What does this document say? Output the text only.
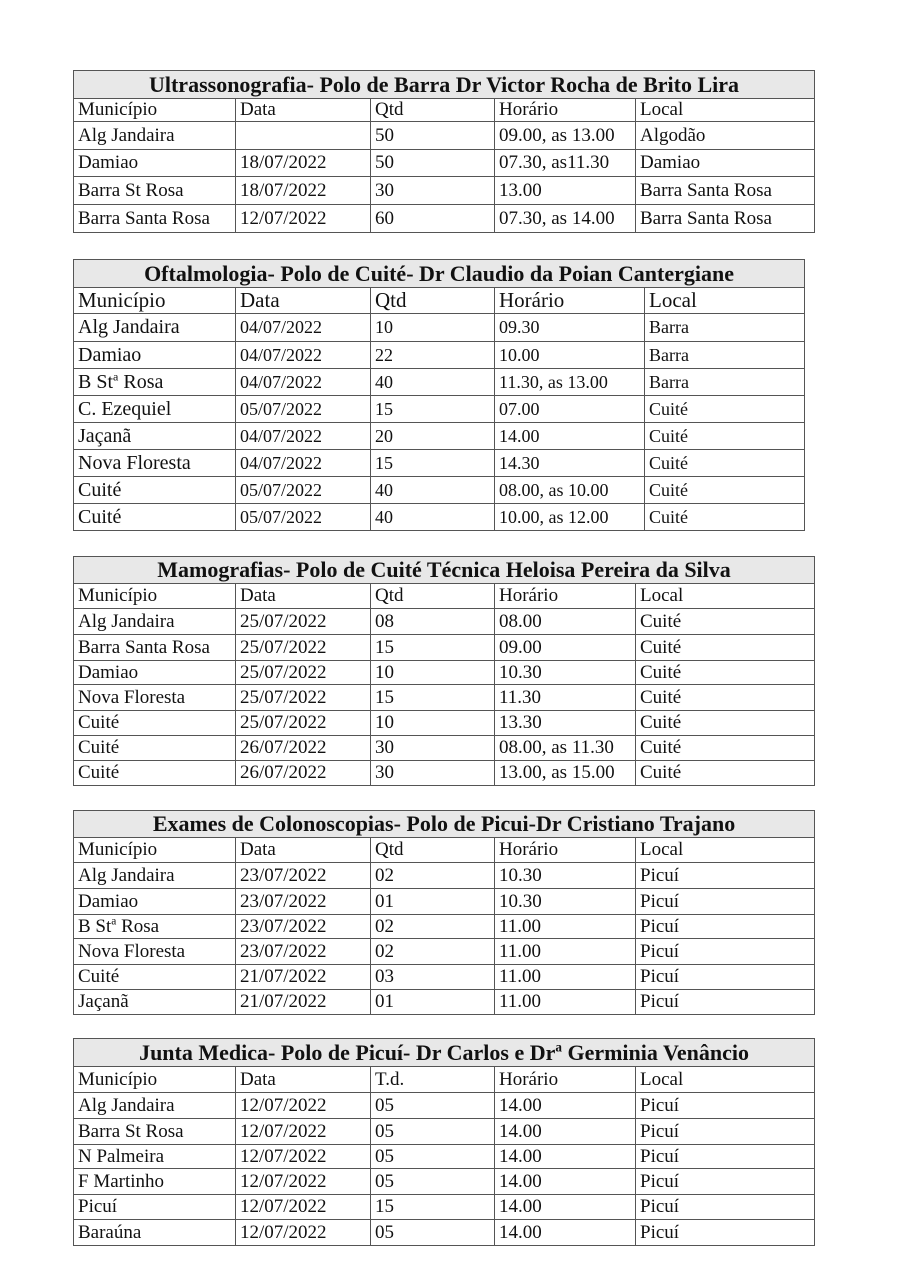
Ultrassonografia- Polo de Barra Dr Victor Rocha de Brito Lira				
Município	Data	Qtd	Horário	Local
Alg Jandaira		50	09.00, as 13.00	Algodão
Damiao	18/07/2022	50	07.30, as11.30	Damiao
Barra St Rosa	18/07/2022	30	13.00	Barra Santa Rosa
Barra Santa Rosa	12/07/2022	60	07.30, as 14.00	Barra Santa Rosa
Oftalmologia- Polo de Cuité- Dr Claudio da Poian Cantergiane				
Município	Data	Qtd	Horário	Local
Alg Jandaira	04/07/2022	10	09.30	Barra
Damiao	04/07/2022	22	10.00	Barra
B St$^a$ Rosa	04/07/2022	40	11.30, as 13.00	Barra
C. Ezequiel	05/07/2022	15	07.00	Cuité
Jaçanã	04/07/2022	20	14.00	Cuité
Nova Floresta	04/07/2022	15	14.30	Cuité
Cuité	05/07/2022	40	08.00, as 10.00	Cuité
Cuité	05/07/2022	40	10.00, as 12.00	Cuité
Mamografias- Polo de Cuité Técnica Heloisa Pereira da Silva				
Município	Data	Qtd	Horário	Local
Alg Jandaira	25/07/2022	08	08.00	Cuité
Barra Santa Rosa	25/07/2022	15	09.00	Cuité
Damiao	25/07/2022	10	10.30	Cuité
Nova Floresta	25/07/2022	15	11.30	Cuité
Cuité	25/07/2022	10	13.30	Cuité
Cuité	26/07/2022	30	08.00, as 11.30	Cuité
Cuité	26/07/2022	30	13.00, as 15.00	Cuité
Exames de Colonoscopias- Polo de Picui-Dr Cristiano Trajano				
Município	Data	Qtd	Horário	Local
Alg Jandaira	23/07/2022	02	10.30	Picuí
Damiao	23/07/2022	01	10.30	Picuí
B St$^a$ Rosa	23/07/2022	02	11.00	Picuí
Nova Floresta	23/07/2022	02	11.00	Picuí
Cuité	21/07/2022	03	11.00	Picuí
Jaçanã	21/07/2022	01	11.00	Picuí
Junta Medica- Polo de Picuí- Dr Carlos e Dr$^a$ Germinia Venâncio				
Município	Data	T.d.	Horário	Local
Alg Jandaira	12/07/2022	05	14.00	Picuí
Barra St Rosa	12/07/2022	05	14.00	Picuí
N Palmeira	12/07/2022	05	14.00	Picuí
F Martinho	12/07/2022	05	14.00	Picuí
Picuí	12/07/2022	15	14.00	Picuí
Baraúna	12/07/2022	05	14.00	Picuí
